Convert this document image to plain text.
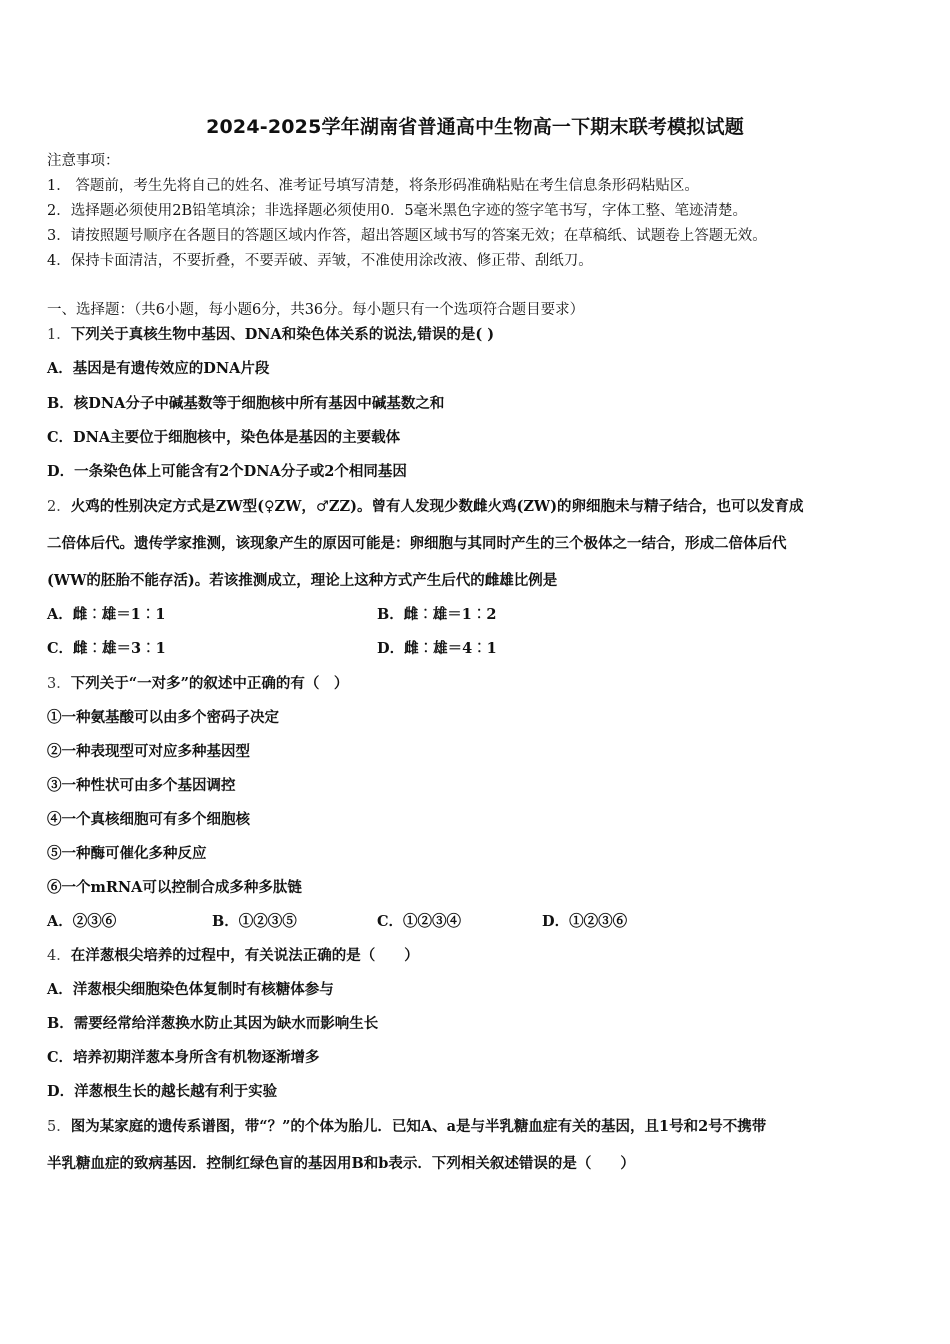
2024-2025学年湖南省普通高中生物高一下期末联考模拟试题
注意事项：
1． 答题前，考生先将自己的姓名、准考证号填写清楚，将条形码准确粘贴在考生信息条形码粘贴区。
2．选择题必须使用2B铅笔填涂；非选择题必须使用0．5毫米黑色字迹的签字笔书写，字体工整、笔迹清楚。
3．请按照题号顺序在各题目的答题区域内作答，超出答题区域书写的答案无效；在草稿纸、试题卷上答题无效。
4．保持卡面清洁，不要折叠，不要弄破、弄皱，不准使用涂改液、修正带、刮纸刀。
一、选择题：（共6小题，每小题6分，共36分。每小题只有一个选项符合题目要求）
1．下列关于真核生物中基因、DNA和染色体关系的说法,错误的是( )
A．基因是有遗传效应的DNA片段
B．核DNA分子中碱基数等于细胞核中所有基因中碱基数之和
C．DNA主要位于细胞核中，染色体是基因的主要载体
D．一条染色体上可能含有2个DNA分子或2个相同基因
2．火鸡的性别决定方式是ZW型(♀ZW，♂ZZ)。曾有人发现少数雌火鸡(ZW)的卵细胞未与精子结合，也可以发育成
二倍体后代。遗传学家推测，该现象产生的原因可能是：卵细胞与其同时产生的三个极体之一结合，形成二倍体后代
(WW的胚胎不能存活)。若该推测成立，理论上这种方式产生后代的雌雄比例是
A．雌︰雄＝1︰1	B．雌︰雄＝1︰2
C．雌︰雄＝3︰1	D．雌︰雄＝4︰1
3．下列关于“一对多”的叙述中正确的有（　）
①一种氨基酸可以由多个密码子决定
②一种表现型可对应多种基因型
③一种性状可由多个基因调控
④一个真核细胞可有多个细胞核
⑤一种酶可催化多种反应
⑥一个mRNA可以控制合成多种多肽链
A．②③⑥	B．①②③⑤	C．①②③④	D．①②③⑥
4．在洋葱根尖培养的过程中，有关说法正确的是（　　）
A．洋葱根尖细胞染色体复制时有核糖体参与
B．需要经常给洋葱换水防止其因为缺水而影响生长
C．培养初期洋葱本身所含有机物逐渐增多
D．洋葱根生长的越长越有利于实验
5．图为某家庭的遗传系谱图，带“？”的个体为胎儿．已知A、a是与半乳糖血症有关的基因，且1号和2号不携带
半乳糖血症的致病基因．控制红绿色盲的基因用B和b表示．下列相关叙述错误的是（　　）
